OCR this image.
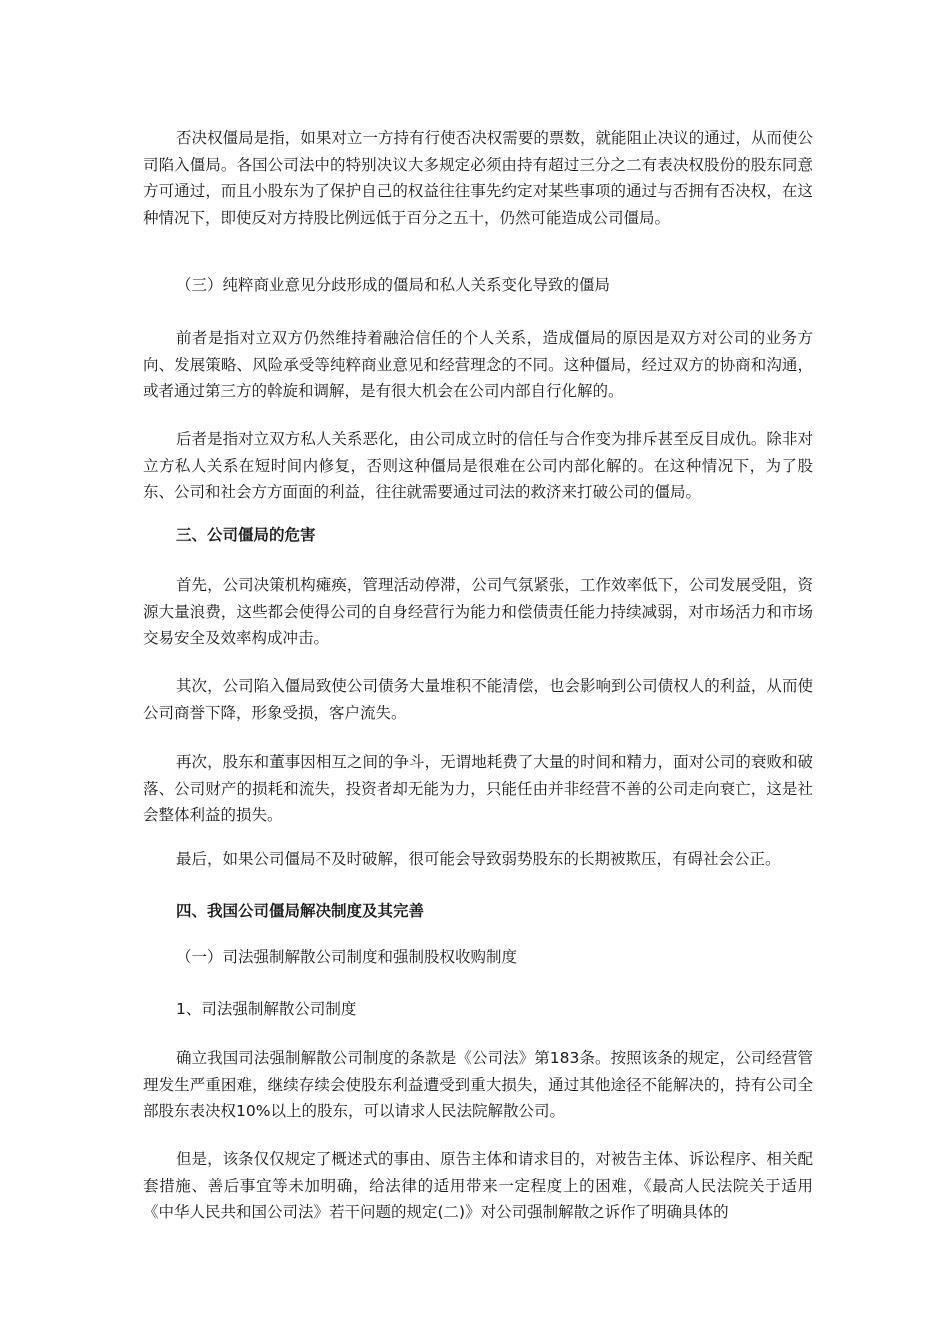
否决权僵局是指，如果对立一方持有行使否决权需要的票数，就能阻止决议的通过，从而使公司陷入僵局。各国公司法中的特别决议大多规定必须由持有超过三分之二有表决权股份的股东同意方可通过，而且小股东为了保护自己的权益往往事先约定对某些事项的通过与否拥有否决权，在这种情况下，即使反对方持股比例远低于百分之五十，仍然可能造成公司僵局。

（三）纯粹商业意见分歧形成的僵局和私人关系变化导致的僵局

前者是指对立双方仍然维持着融洽信任的个人关系，造成僵局的原因是双方对公司的业务方向、发展策略、风险承受等纯粹商业意见和经营理念的不同。这种僵局，经过双方的协商和沟通，或者通过第三方的斡旋和调解，是有很大机会在公司内部自行化解的。

后者是指对立双方私人关系恶化，由公司成立时的信任与合作变为排斥甚至反目成仇。除非对立方私人关系在短时间内修复，否则这种僵局是很难在公司内部化解的。在这种情况下，为了股东、公司和社会方方面面的利益，往往就需要通过司法的救济来打破公司的僵局。

三、公司僵局的危害

首先，公司决策机构瘫痪，管理活动停滞，公司气氛紧张，工作效率低下，公司发展受阻，资源大量浪费，这些都会使得公司的自身经营行为能力和偿债责任能力持续减弱，对市场活力和市场交易安全及效率构成冲击。

其次，公司陷入僵局致使公司债务大量堆积不能清偿，也会影响到公司债权人的利益，从而使公司商誉下降，形象受损，客户流失。

再次，股东和董事因相互之间的争斗，无谓地耗费了大量的时间和精力，面对公司的衰败和破落、公司财产的损耗和流失，投资者却无能为力，只能任由并非经营不善的公司走向衰亡，这是社会整体利益的损失。

最后，如果公司僵局不及时破解，很可能会导致弱势股东的长期被欺压，有碍社会公正。

四、我国公司僵局解决制度及其完善

（一）司法强制解散公司制度和强制股权收购制度

1、司法强制解散公司制度

确立我国司法强制解散公司制度的条款是《公司法》第183条。按照该条的规定，公司经营管理发生严重困难，继续存续会使股东利益遭受到重大损失，通过其他途径不能解决的，持有公司全部股东表决权10%以上的股东，可以请求人民法院解散公司。

但是，该条仅仅规定了概述式的事由、原告主体和请求目的，对被告主体、诉讼程序、相关配套措施、善后事宜等未加明确，给法律的适用带来一定程度上的困难，《最高人民法院关于适用《中华人民共和国公司法》若干问题的规定(二)》对公司强制解散之诉作了明确具体的
